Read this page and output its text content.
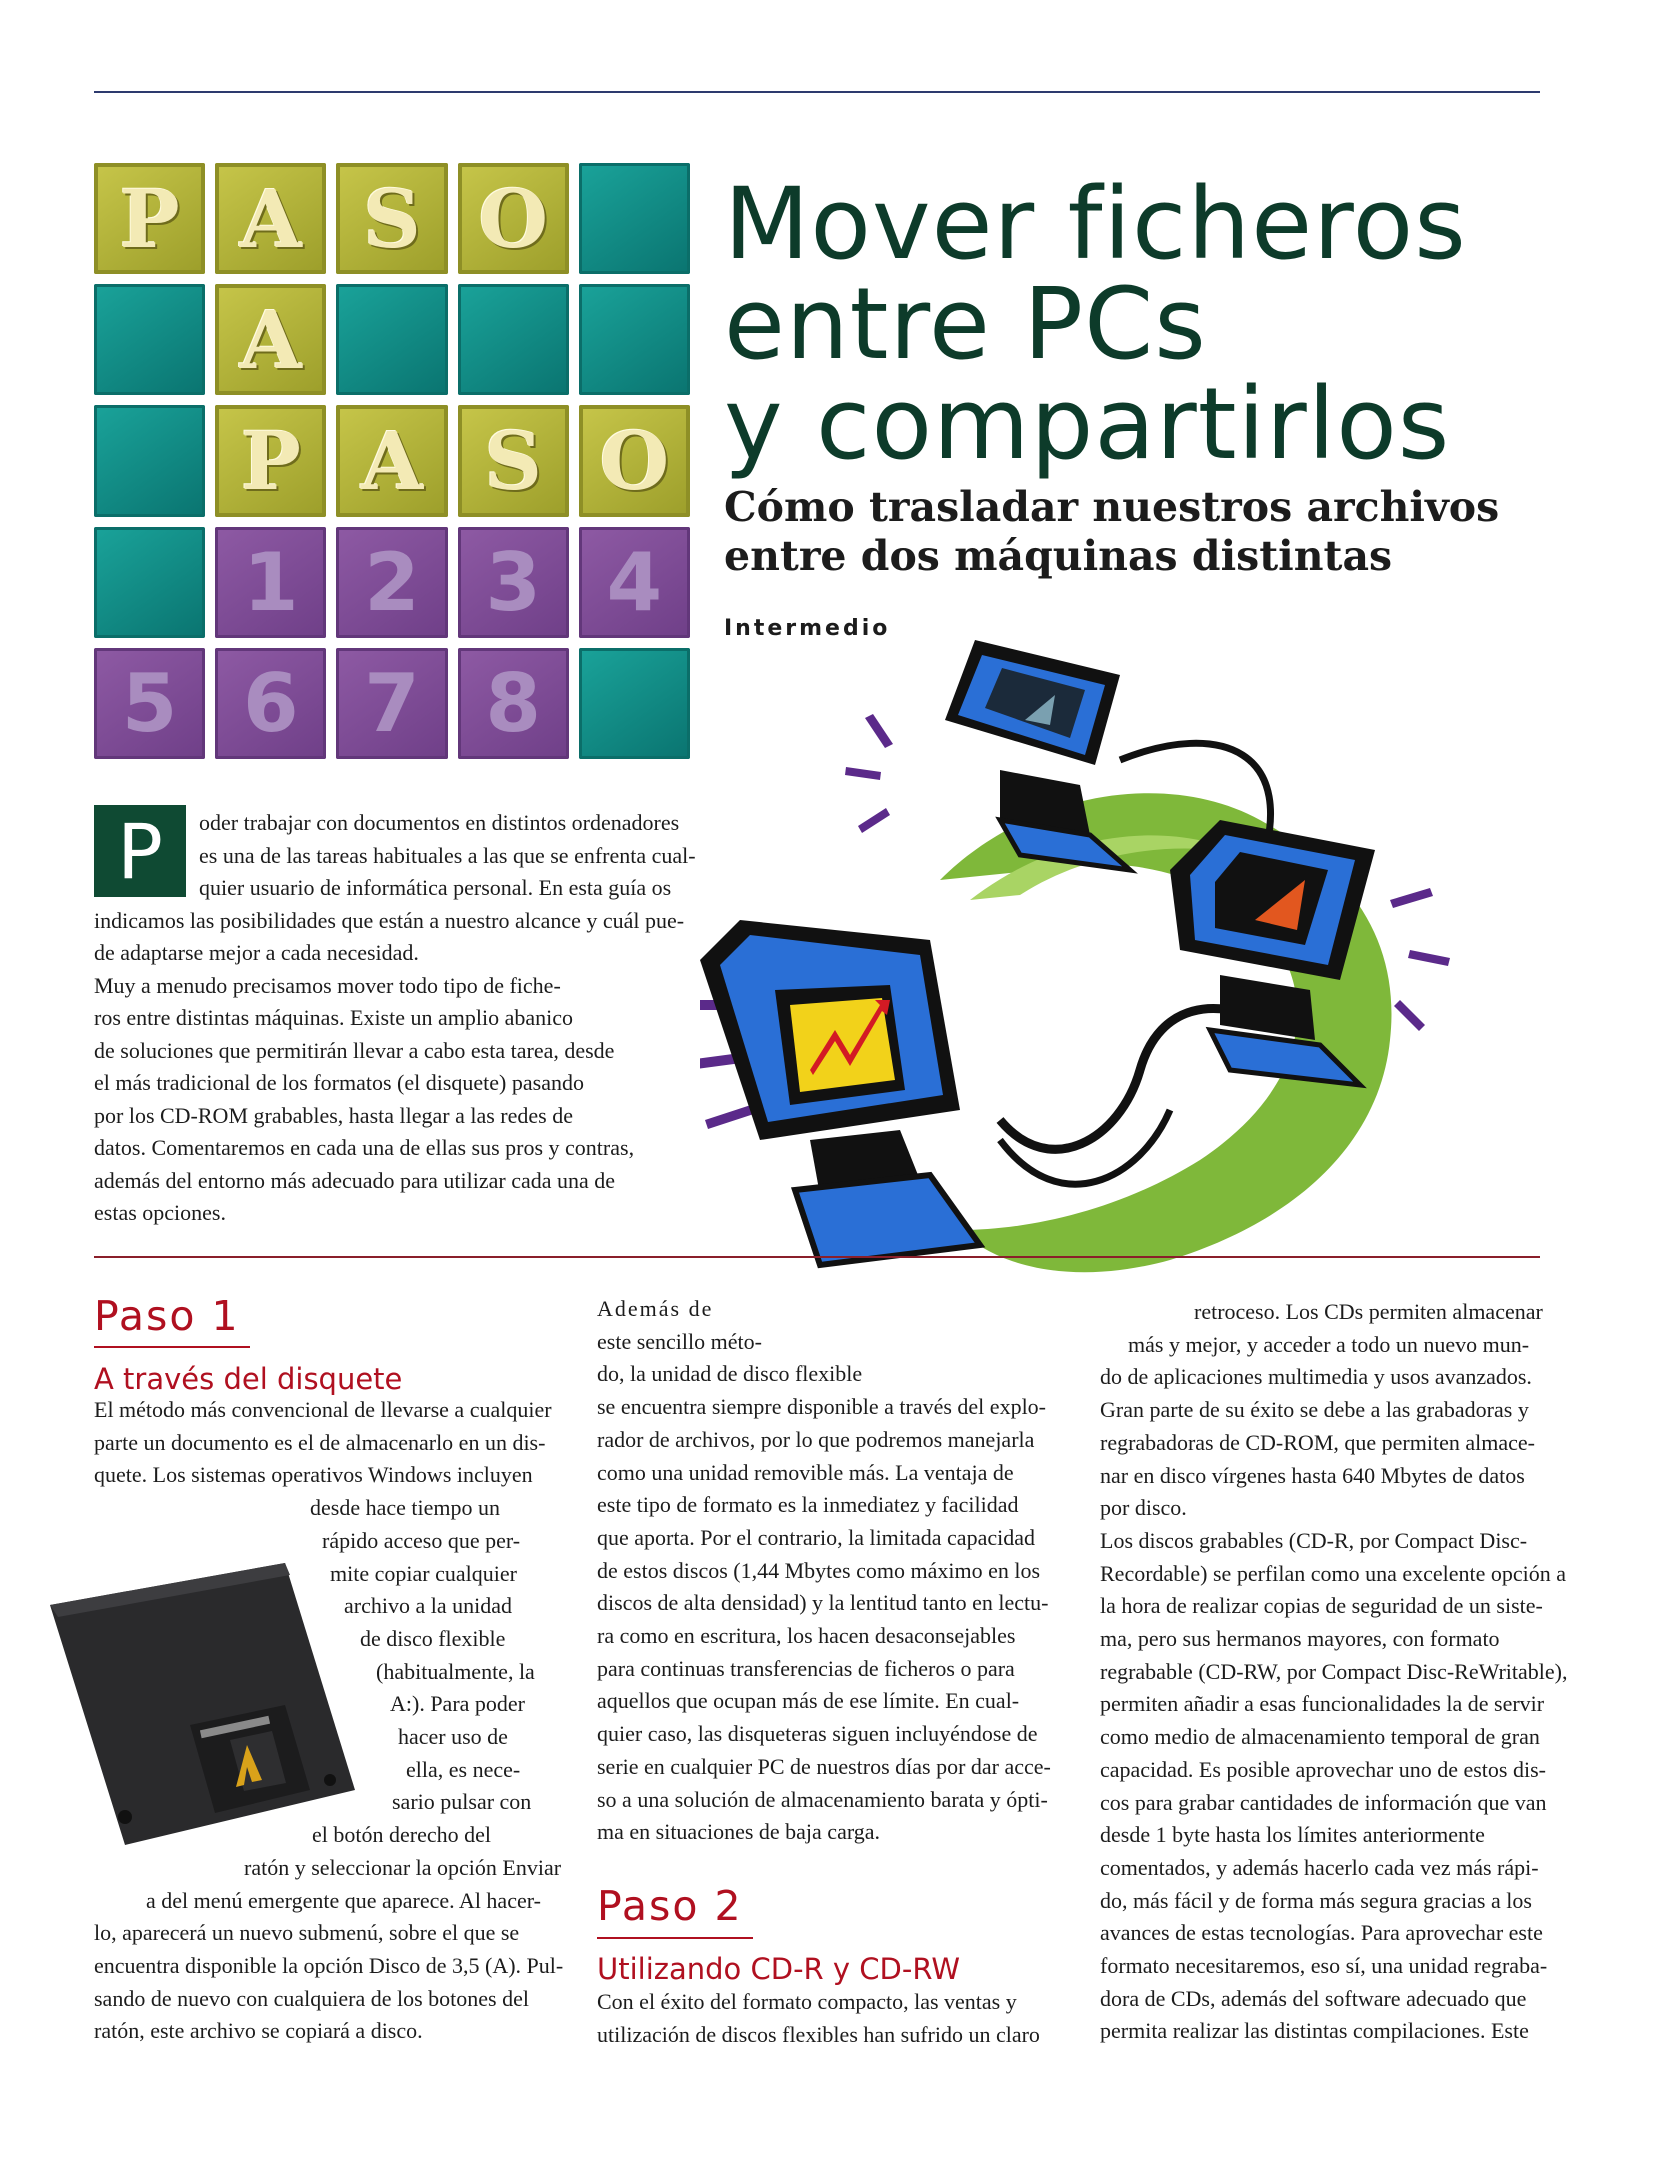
P A S O
A
P A S O
1 2 3 4
5 6 7 8
Mover ficheros
entre PCs
y compartirlos
Cómo trasladar nuestros archivos
entre dos máquinas distintas
Intermedio
P	oder trabajar con documentos en distintos ordenadores
es una de las tareas habituales a las que se enfrenta cual-
quier usuario de informática personal. En esta guía os
indicamos las posibilidades que están a nuestro alcance y cuál pue-
de adaptarse mejor a cada necesidad.
Muy a menudo precisamos mover todo tipo de fiche-
ros entre distintas máquinas. Existe un amplio abanico
de soluciones que permitirán llevar a cabo esta tarea, desde
el más tradicional de los formatos (el disquete) pasando
por los CD-ROM grabables, hasta llegar a las redes de
datos. Comentaremos en cada una de ellas sus pros y contras,
además del entorno más adecuado para utilizar cada una de
estas opciones.
Paso 1
A través del disquete
El método más convencional de llevarse a cualquier
parte un documento es el de almacenarlo en un dis-
quete. Los sistemas operativos Windows incluyen
desde hace tiempo un
rápido acceso que per-
mite copiar cualquier
archivo a la unidad
de disco flexible
(habitualmente, la
A:). Para poder
hacer uso de
ella, es nece-
sario pulsar con
el botón derecho del
ratón y seleccionar la opción Enviar
a del menú emergente que aparece. Al hacer-
lo, aparecerá un nuevo submenú, sobre el que se
encuentra disponible la opción Disco de 3,5 (A). Pul-
sando de nuevo con cualquiera de los botones del
ratón, este archivo se copiará a disco.
Además de
este sencillo méto-
do, la unidad de disco flexible
se encuentra siempre disponible a través del explo-
rador de archivos, por lo que podremos manejarla
como una unidad removible más. La ventaja de
este tipo de formato es la inmediatez y facilidad
que aporta. Por el contrario, la limitada capacidad
de estos discos (1,44 Mbytes como máximo en los
discos de alta densidad) y la lentitud tanto en lectu-
ra como en escritura, los hacen desaconsejables
para continuas transferencias de ficheros o para
aquellos que ocupan más de ese límite. En cual-
quier caso, las disqueteras siguen incluyéndose de
serie en cualquier PC de nuestros días por dar acce-
so a una solución de almacenamiento barata y ópti-
ma en situaciones de baja carga.
Paso 2
Utilizando CD-R y CD-RW
Con el éxito del formato compacto, las ventas y
utilización de discos flexibles han sufrido un claro
retroceso. Los CDs permiten almacenar
más y mejor, y acceder a todo un nuevo mun-
do de aplicaciones multimedia y usos avanzados.
Gran parte de su éxito se debe a las grabadoras y
regrabadoras de CD-ROM, que permiten almace-
nar en disco vírgenes hasta 640 Mbytes de datos
por disco.
Los discos grabables (CD-R, por Compact Disc-
Recordable) se perfilan como una excelente opción a
la hora de realizar copias de seguridad de un siste-
ma, pero sus hermanos mayores, con formato
regrabable (CD-RW, por Compact Disc-ReWritable),
permiten añadir a esas funcionalidades la de servir
como medio de almacenamiento temporal de gran
capacidad. Es posible aprovechar uno de estos dis-
cos para grabar cantidades de información que van
desde 1 byte hasta los límites anteriormente
comentados, y además hacerlo cada vez más rápi-
do, más fácil y de forma más segura gracias a los
avances de estas tecnologías. Para aprovechar este
formato necesitaremos, eso sí, una unidad regraba-
dora de CDs, además del software adecuado que
permita realizar las distintas compilaciones. Este
